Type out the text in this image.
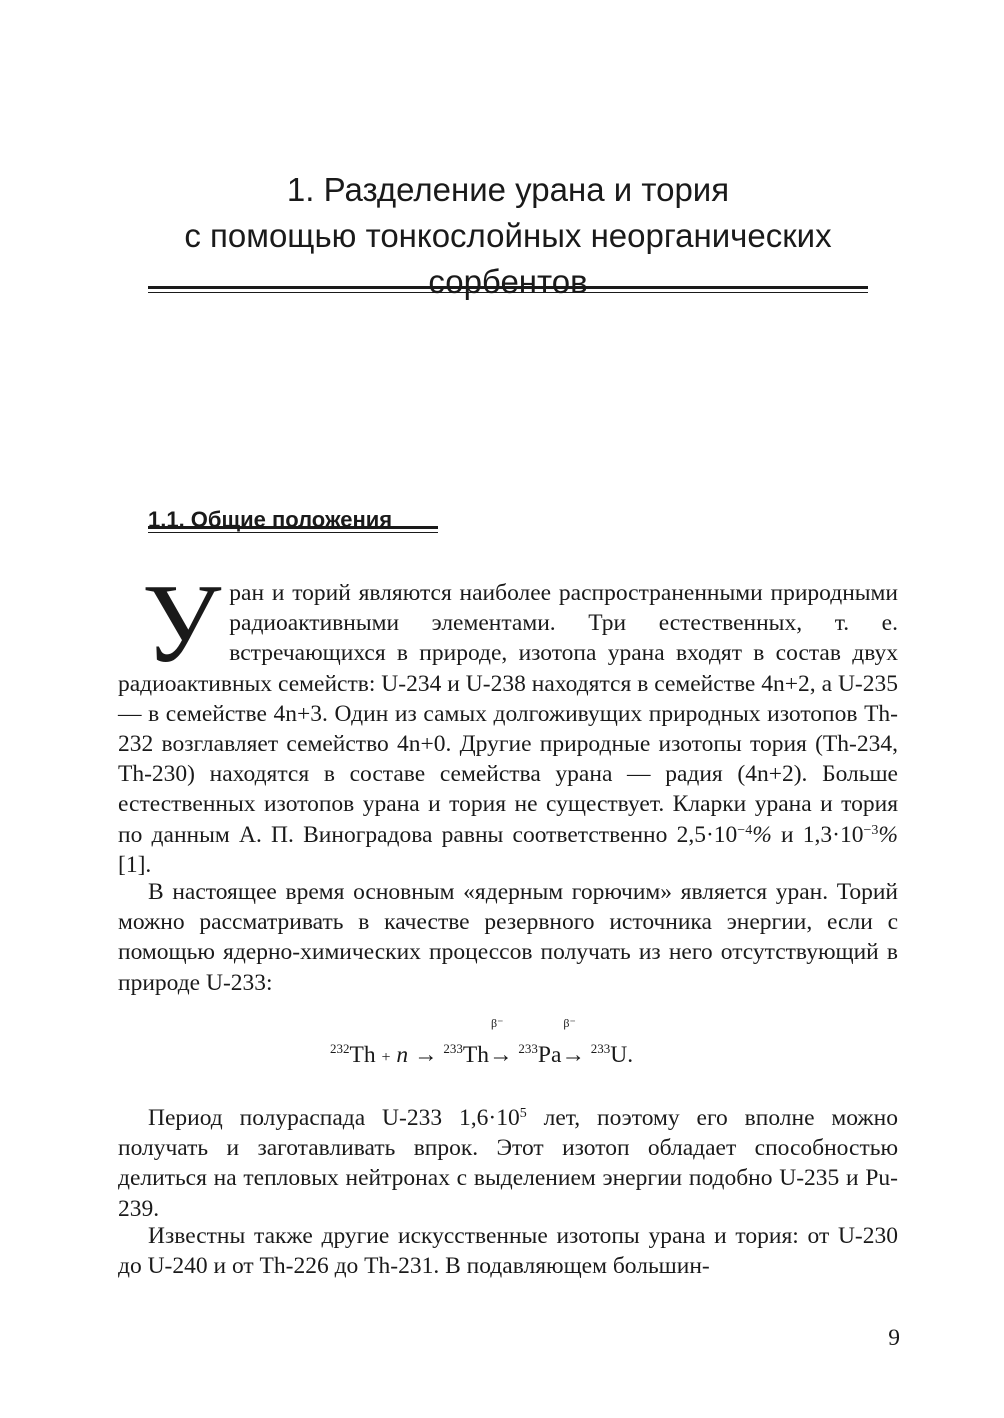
1. Разделение урана и тория
с помощью тонкослойных неорганических
сорбентов
1.1. Общие положения

Уран и торий являются наиболее распространенными природными радиоактивными элементами. Три естественных, т. е. встречающихся в природе, изотопа урана входят в состав двух радиоактивных семейств: U-234 и U-238 находятся в семействе 4n+2, а U-235 — в семействе 4n+3. Один из самых долгоживущих природных изотопов Th-232 возглавляет семейство 4n+0. Другие природные изотопы тория (Th-234, Th-230) находятся в составе семейства урана — радия (4n+2). Больше естественных изотопов урана и тория не существует. Кларки урана и тория по данным А. П. Виноградова равны соответственно $2,5\cdot 10^{-4}\%$ и $1,3\cdot 10^{-3}\%$ [1].

В настоящее время основным «ядерным горючим» является уран. Торий можно рассматривать в качестве резервного источника энергии, если с помощью ядерно-химических процессов получать из него отсутствующий в природе U-233:

$^{232}$Th + n → $^{233}$Th
β⁻
→ $^{233}$Pa
β⁻
→ $^{233}$U.

Период полураспада U-233 $1,6\cdot 10^5$ лет, поэтому его вполне можно получать и заготавливать впрок. Этот изотоп обладает способностью делиться на тепловых нейтронах с выделением энергии подобно U-235 и Pu-239.

Известны также другие искусственные изотопы урана и тория: от U-230 до U-240 и от Th-226 до Th-231. В подавляющем большин-

9
